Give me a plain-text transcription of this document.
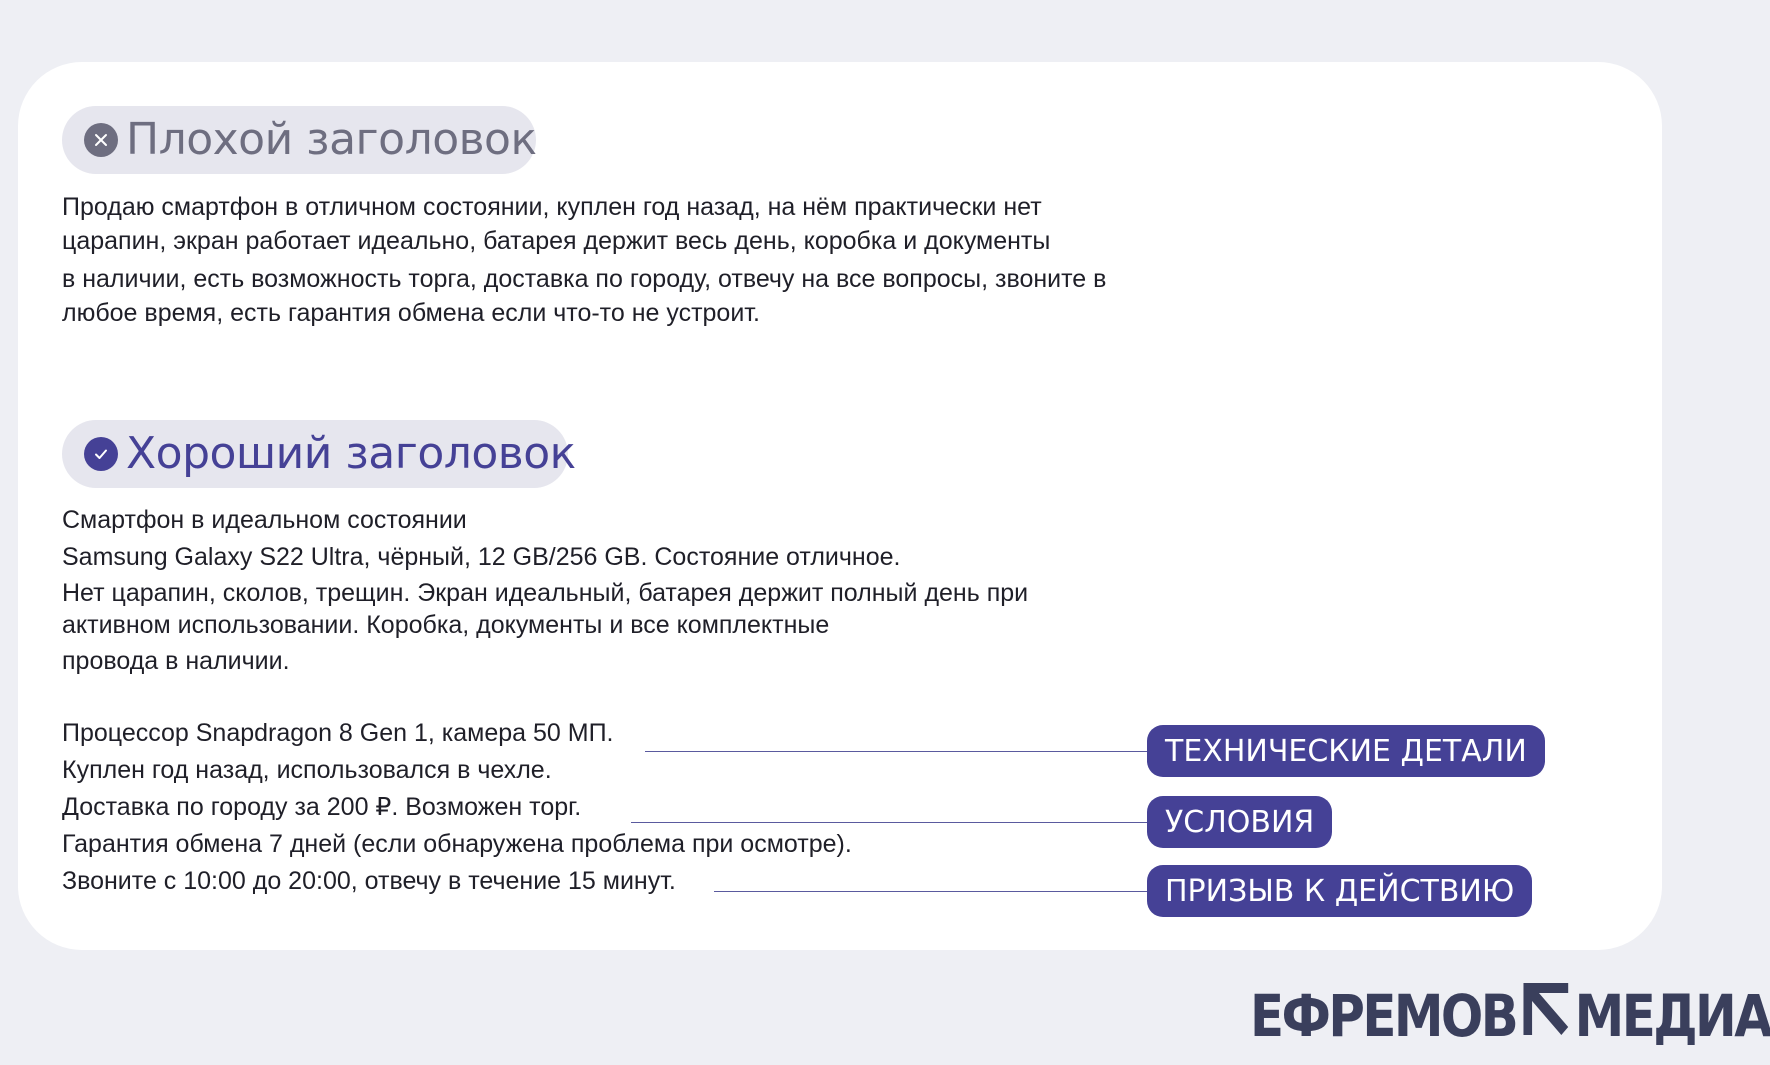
Плохой заголовок

Продаю смартфон в отличном состоянии, куплен год назад, на нём практически нет царапин, экран работает идеально, батарея держит весь день, коробка и документы

в наличии, есть возможность торга, доставка по городу, отвечу на все вопросы, звоните в любое время, есть гарантия обмена если что-то не устроит.

Хороший заголовок

Смартфон в идеальном состоянии

Samsung Galaxy S22 Ultra, чёрный, 12 GB/256 GB. Состояние отличное.

Нет царапин, сколов, трещин. Экран идеальный, батарея держит полный день при активном использовании. Коробка, документы и все комплектные

провода в наличии.

Процессор Snapdragon 8 Gen 1, камера 50 МП.

Куплен год назад, использовался в чехле.

Доставка по городу за 200 ₽. Возможен торг.

Гарантия обмена 7 дней (если обнаружена проблема при осмотре).

Звоните с 10:00 до 20:00, отвечу в течение 15 минут.

ТЕХНИЧЕСКИЕ ДЕТАЛИ
УСЛОВИЯ
ПРИЗЫВ К ДЕЙСТВИЮ
ЕФРЕМОВ МЕДИА
